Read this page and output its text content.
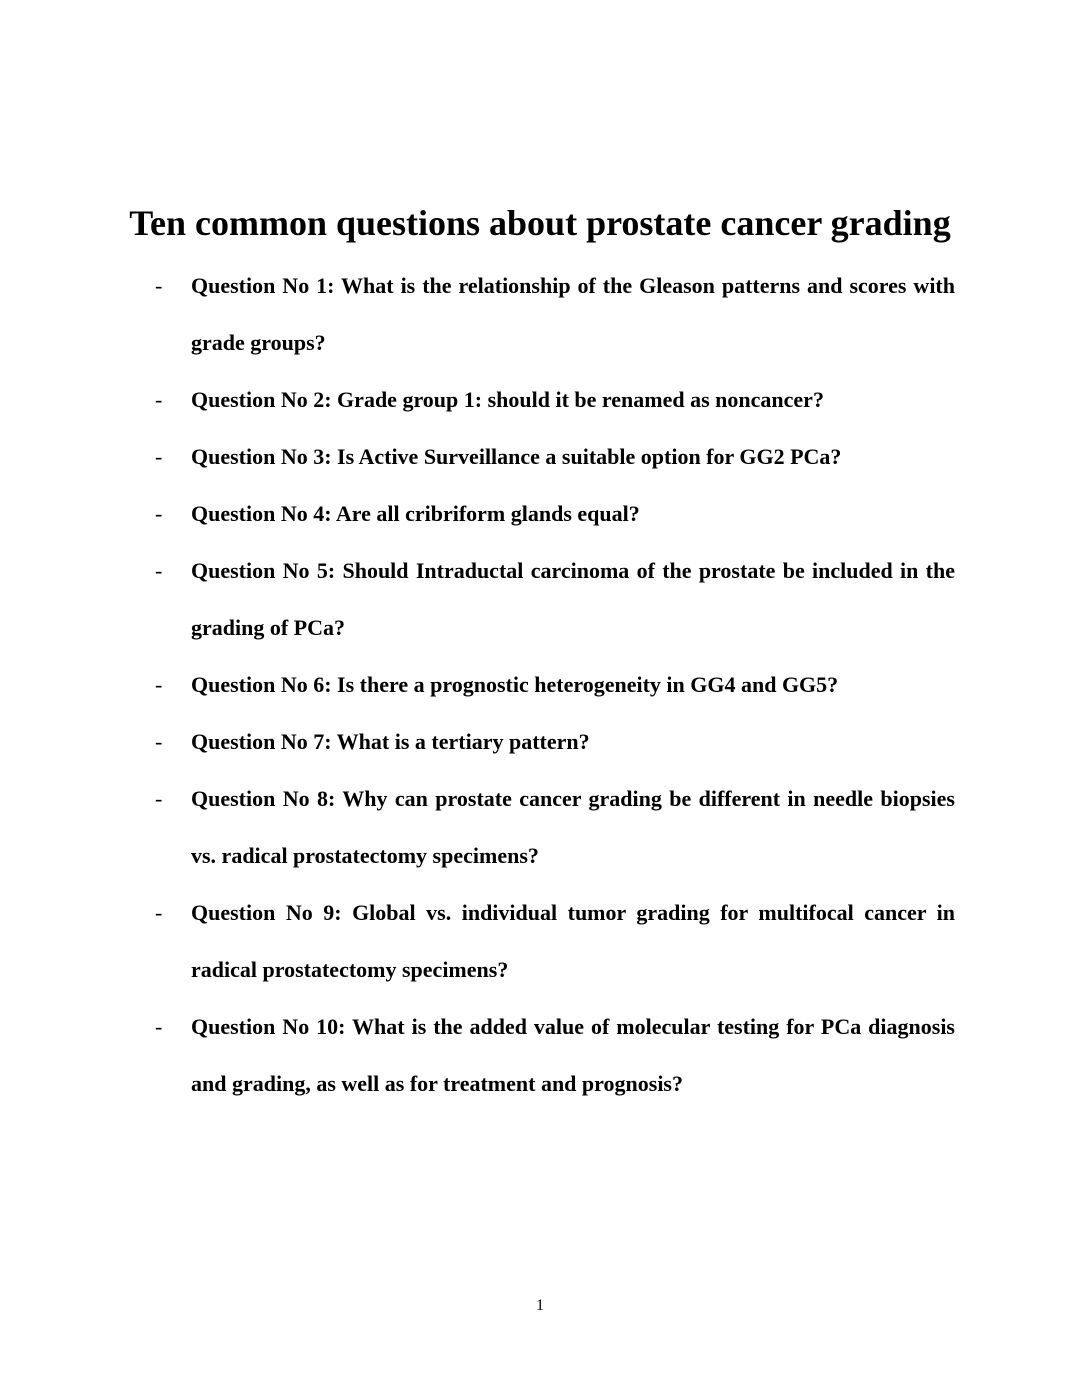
Ten common questions about prostate cancer grading
- Question No 1: What is the relationship of the Gleason patterns and scores with grade groups?
- Question No 2: Grade group 1: should it be renamed as noncancer?
- Question No 3: Is Active Surveillance a suitable option for GG2 PCa?
- Question No 4: Are all cribriform glands equal?
- Question No 5: Should Intraductal carcinoma of the prostate be included in the grading of PCa?
- Question No 6: Is there a prognostic heterogeneity in GG4 and GG5?
- Question No 7: What is a tertiary pattern?
- Question No 8: Why can prostate cancer grading be different in needle biopsies vs. radical prostatectomy specimens?
- Question No 9: Global vs. individual tumor grading for multifocal cancer in radical prostatectomy specimens?
- Question No 10: What is the added value of molecular testing for PCa diagnosis and grading, as well as for treatment and prognosis?
1
